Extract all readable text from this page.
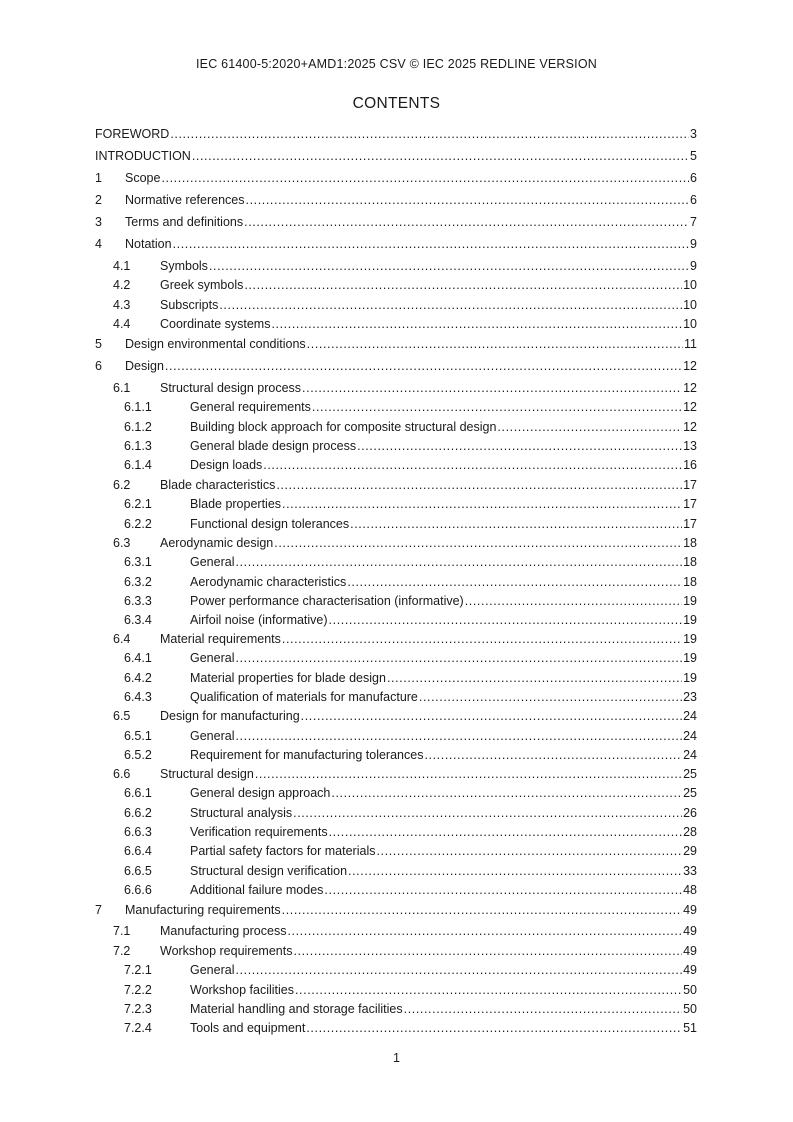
IEC 61400-5:2020+AMD1:2025 CSV © IEC 2025 REDLINE VERSION
CONTENTS
FOREWORD .....	3
INTRODUCTION .....	5
1	Scope .....	6
2	Normative references .....	6
3	Terms and definitions .....	7
4	Notation .....	9
4.1	Symbols .....	9
4.2	Greek symbols .....	10
4.3	Subscripts .....	10
4.4	Coordinate systems .....	10
5	Design environmental conditions .....	11
6	Design .....	12
6.1	Structural design process .....	12
6.1.1	General requirements .....	12
6.1.2	Building block approach for composite structural design .....	12
6.1.3	General blade design process .....	13
6.1.4	Design loads .....	16
6.2	Blade characteristics .....	17
6.2.1	Blade properties .....	17
6.2.2	Functional design tolerances .....	17
6.3	Aerodynamic design .....	18
6.3.1	General .....	18
6.3.2	Aerodynamic characteristics .....	18
6.3.3	Power performance characterisation (informative) .....	19
6.3.4	Airfoil noise (informative) .....	19
6.4	Material requirements .....	19
6.4.1	General .....	19
6.4.2	Material properties for blade design .....	19
6.4.3	Qualification of materials for manufacture .....	23
6.5	Design for manufacturing .....	24
6.5.1	General .....	24
6.5.2	Requirement for manufacturing tolerances .....	24
6.6	Structural design .....	25
6.6.1	General design approach .....	25
6.6.2	Structural analysis .....	26
6.6.3	Verification requirements .....	28
6.6.4	Partial safety factors for materials .....	29
6.6.5	Structural design verification .....	33
6.6.6	Additional failure modes .....	48
7	Manufacturing requirements .....	49
7.1	Manufacturing process .....	49
7.2	Workshop requirements .....	49
7.2.1	General .....	49
7.2.2	Workshop facilities .....	50
7.2.3	Material handling and storage facilities .....	50
7.2.4	Tools and equipment .....	51
1
